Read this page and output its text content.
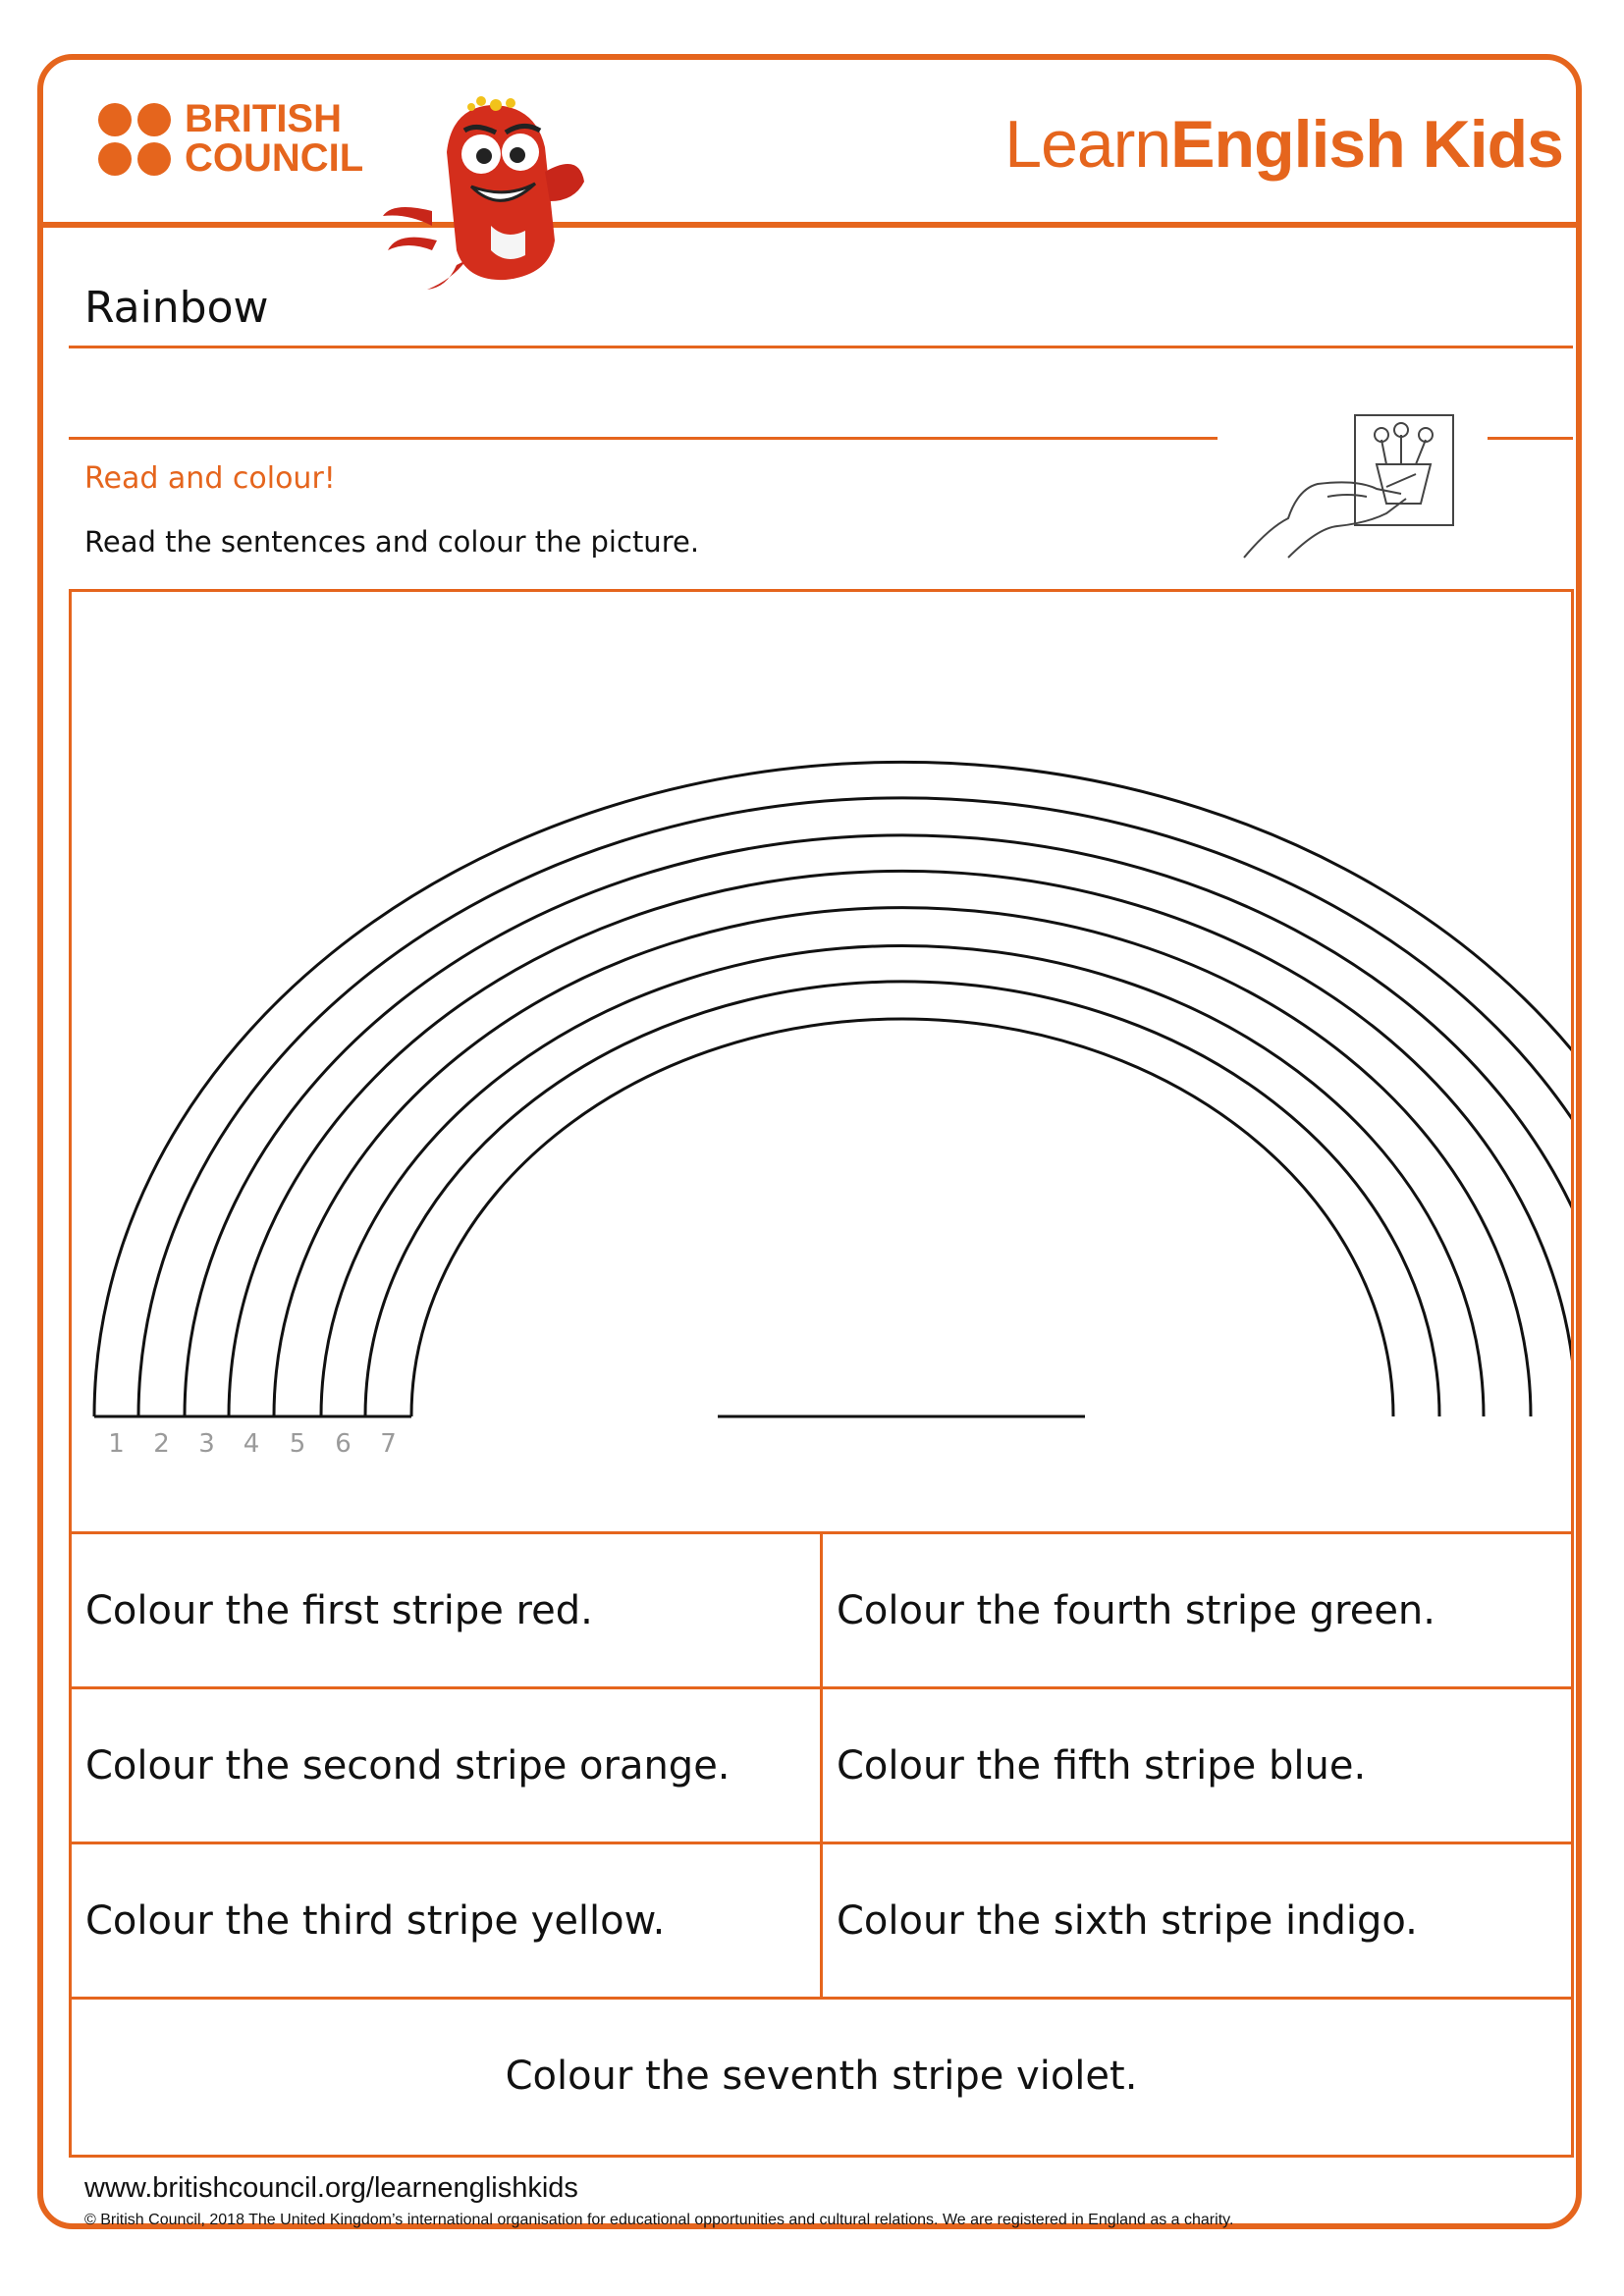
BRITISH
COUNCIL	LearnEnglish Kids
Rainbow
Read and colour!
Read the sentences and colour the picture.
1 2 3 4 5 6 7
Colour the first stripe red.	Colour the fourth stripe green.
Colour the second stripe orange.	Colour the fifth stripe blue.
Colour the third stripe yellow.	Colour the sixth stripe indigo.
Colour the seventh stripe violet.
www.britishcouncil.org/learnenglishkids
© British Council, 2018 The United Kingdom’s international organisation for educational opportunities and cultural relations. We are registered in England as a charity.
